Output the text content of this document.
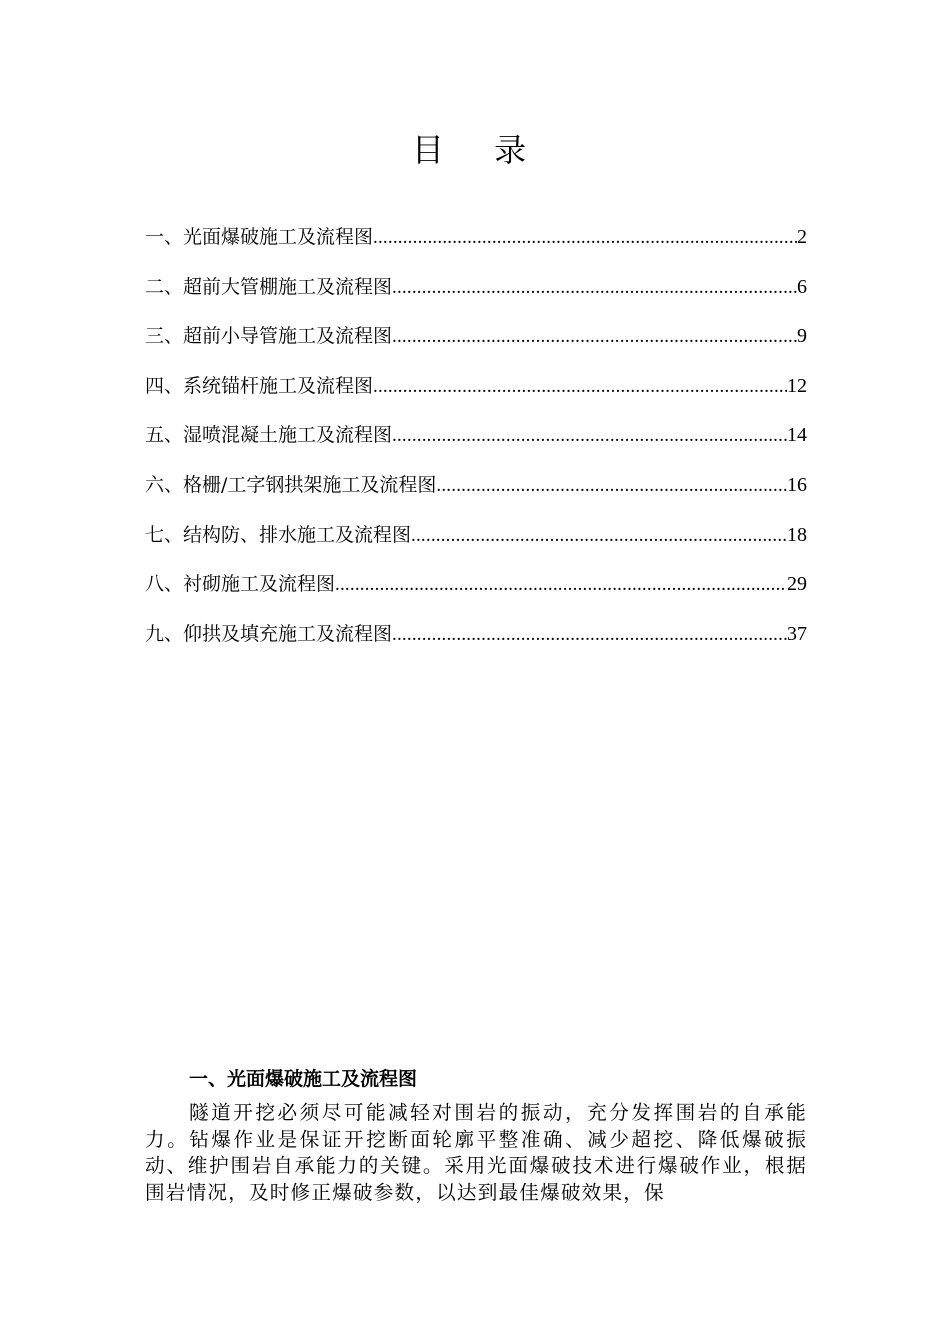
目 录
一、光面爆破施工及流程图 .....	2
二、超前大管棚施工及流程图 .....	6
三、超前小导管施工及流程图 .....	9
四、系统锚杆施工及流程图 .....	12
五、湿喷混凝土施工及流程图 .....	14
六、格栅/工字钢拱架施工及流程图 .....	16
七、结构防、排水施工及流程图 .....	18
八、衬砌施工及流程图 .....	29
九、仰拱及填充施工及流程图 .....	37
一、光面爆破施工及流程图

隧道开挖必须尽可能减轻对围岩的振动，充分发挥围岩的自承能力。钻爆作业是保证开挖断面轮廓平整准确、减少超挖、降低爆破振动、维护围岩自承能力的关键。采用光面爆破技术进行爆破作业，根据围岩情况，及时修正爆破参数，以达到最佳爆破效果，保
